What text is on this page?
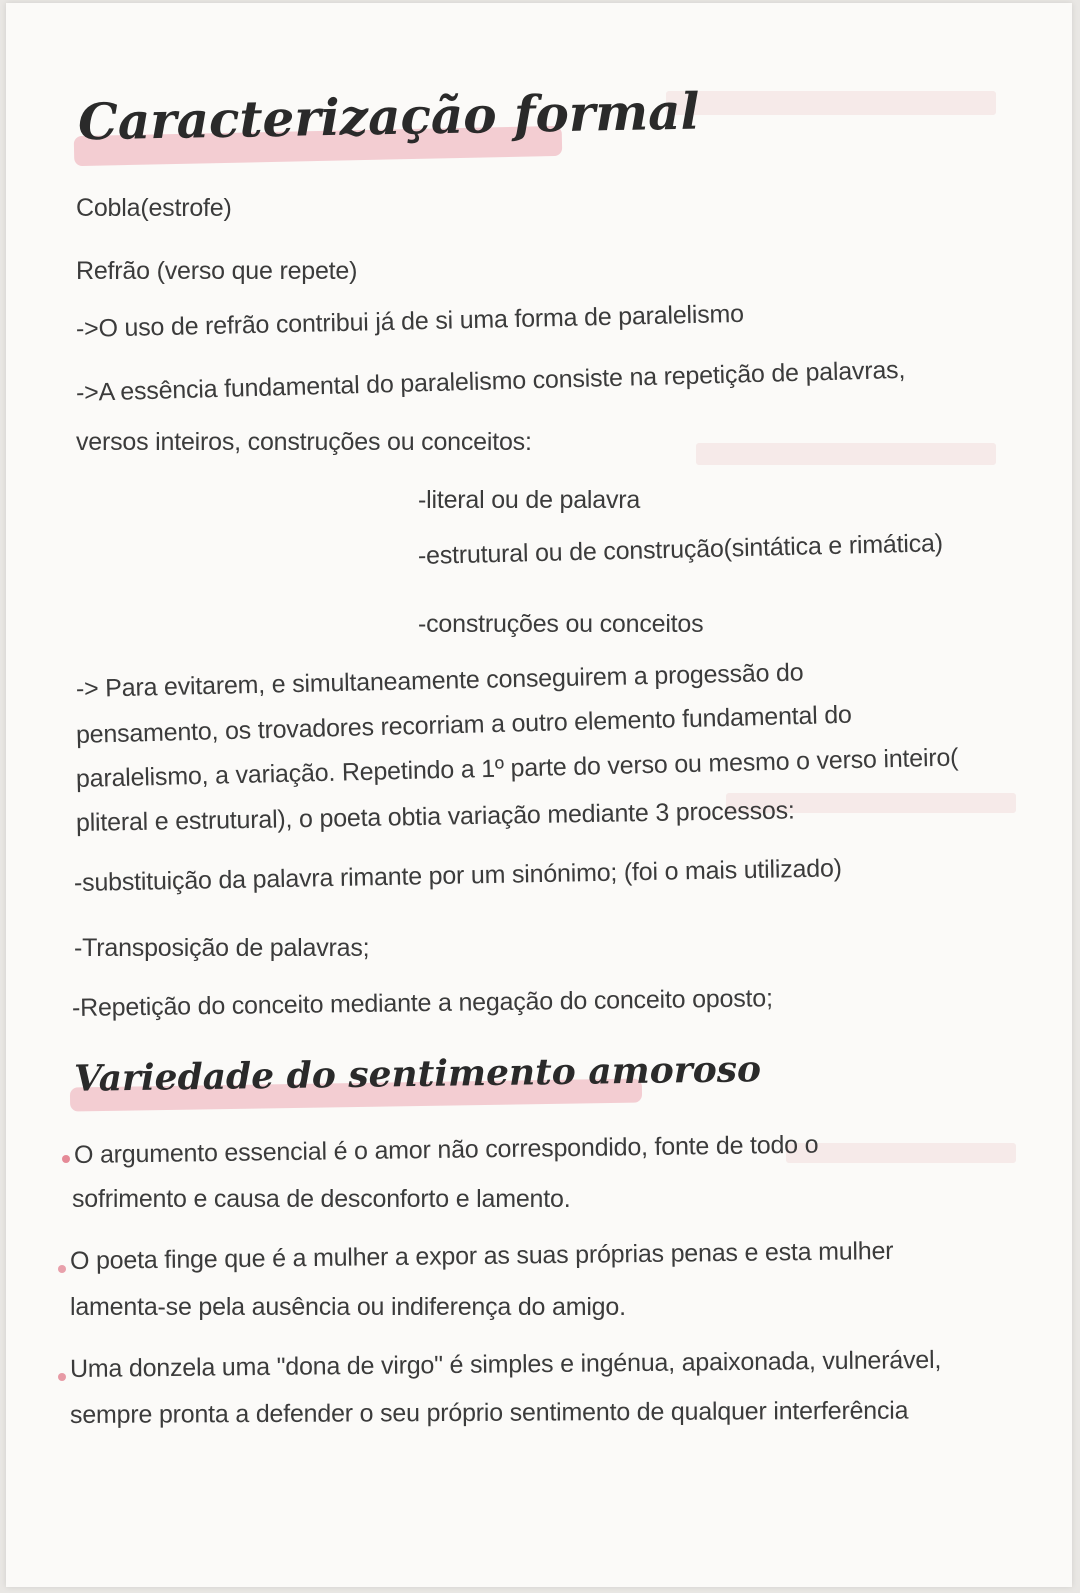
Caracterização formal

Cobla(estrofe)

Refrão (verso que repete)

->O uso de refrão contribui já de si uma forma de paralelismo

->A essência fundamental do paralelismo consiste na repetição de palavras,

versos inteiros, construções ou conceitos:

-literal ou de palavra

-estrutural ou de construção(sintática e rimática)

-construções ou conceitos

-> Para evitarem, e simultaneamente conseguirem a progessão do

pensamento, os trovadores recorriam a outro elemento fundamental do

paralelismo, a variação. Repetindo a 1º parte do verso ou mesmo o verso inteiro(

pliteral e estrutural), o poeta obtia variação mediante 3 processos:

-substituição da palavra rimante por um sinónimo; (foi o mais utilizado)

-Transposição de palavras;

-Repetição do conceito mediante a negação do conceito oposto;

Variedade do sentimento amoroso

O argumento essencial é o amor não correspondido, fonte de todo o

sofrimento e causa de desconforto e lamento.

O poeta finge que é a mulher a expor as suas próprias penas e esta mulher

lamenta-se pela ausência ou indiferença do amigo.

Uma donzela uma "dona de virgo" é simples e ingénua, apaixonada, vulnerável,

sempre pronta a defender o seu próprio sentimento de qualquer interferência
